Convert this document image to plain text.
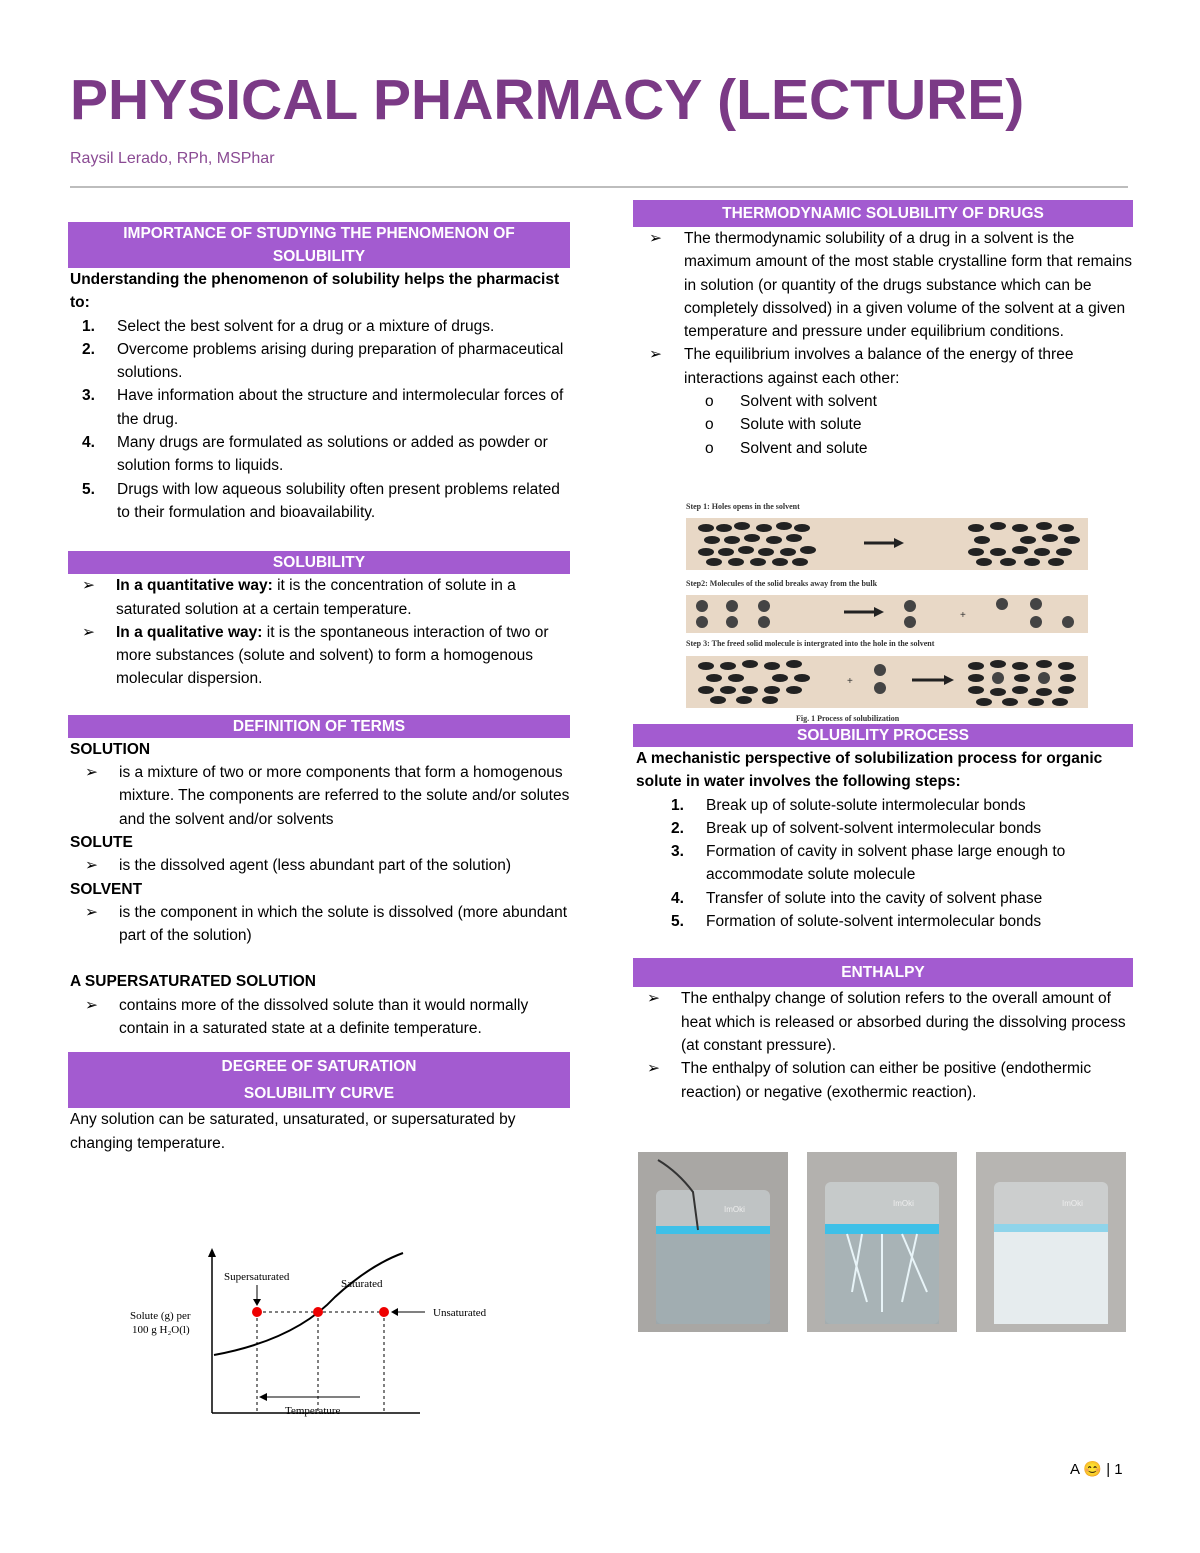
PHYSICAL PHARMACY (LECTURE)
Raysil Lerado, RPh, MSPhar
IMPORTANCE OF STUDYING THE PHENOMENON OF
SOLUBILITY
Understanding the phenomenon of solubility helps the pharmacist to:
1.	Select the best solvent for a drug or a mixture of drugs.
2.	Overcome problems arising during preparation of pharmaceutical solutions.
3.	Have information about the structure and intermolecular forces of the drug.
4.	Many drugs are formulated as solutions or added as powder or solution forms to liquids.
5.	Drugs with low aqueous solubility often present problems related to their formulation and bioavailability.
SOLUBILITY
➢	In a quantitative way: it is the concentration of solute in a saturated solution at a certain temperature.
➢	In a qualitative way: it is the spontaneous interaction of two or more substances (solute and solvent) to form a homogenous molecular dispersion.
DEFINITION OF TERMS
SOLUTION
➢	is a mixture of two or more components that form a homogenous mixture. The components are referred to the solute and/or solutes and the solvent and/or solvents
SOLUTE
➢	is the dissolved agent (less abundant part of the solution)
SOLVENT
➢	is the component in which the solute is dissolved (more abundant part of the solution)
A SUPERSATURATED SOLUTION
➢	contains more of the dissolved solute than it would normally contain in a saturated state at a definite temperature.
DEGREE OF SATURATION
SOLUBILITY CURVE
Any solution can be saturated, unsaturated, or supersaturated by changing temperature.
Supersaturated
Saturated
Unsaturated
Solute (g) per
100 g H₂O(l)
Temperature
THERMODYNAMIC SOLUBILITY OF DRUGS
➢	The thermodynamic solubility of a drug in a solvent is the maximum amount of the most stable crystalline form that remains in solution (or quantity of the drugs substance which can be completely dissolved) in a given volume of the solvent at a given temperature and pressure under equilibrium conditions.
➢	The equilibrium involves a balance of the energy of three interactions against each other:
o	Solvent with solvent
o	Solute with solute
o	Solvent and solute
Step 1: Holes opens in the solvent
Step2: Molecules of the solid breaks away from the bulk
+
Step 3: The freed solid molecule is intergrated into the hole in the solvent
+
Fig. 1 Process of solubilization
SOLUBILITY PROCESS
A mechanistic perspective of solubilization process for organic solute in water involves the following steps:
1.	Break up of solute-solute intermolecular bonds
2.	Break up of solvent-solvent intermolecular bonds
3.	Formation of cavity in solvent phase large enough to accommodate solute molecule
4.	Transfer of solute into the cavity of solvent phase
5.	Formation of solute-solvent intermolecular bonds
ENTHALPY
➢	The enthalpy change of solution refers to the overall amount of heat which is released or absorbed during the dissolving process (at constant pressure).
➢	The enthalpy of solution can either be positive (endothermic reaction) or negative (exothermic reaction).
ImOki
ImOki	ImOki
A 😊 | 1
